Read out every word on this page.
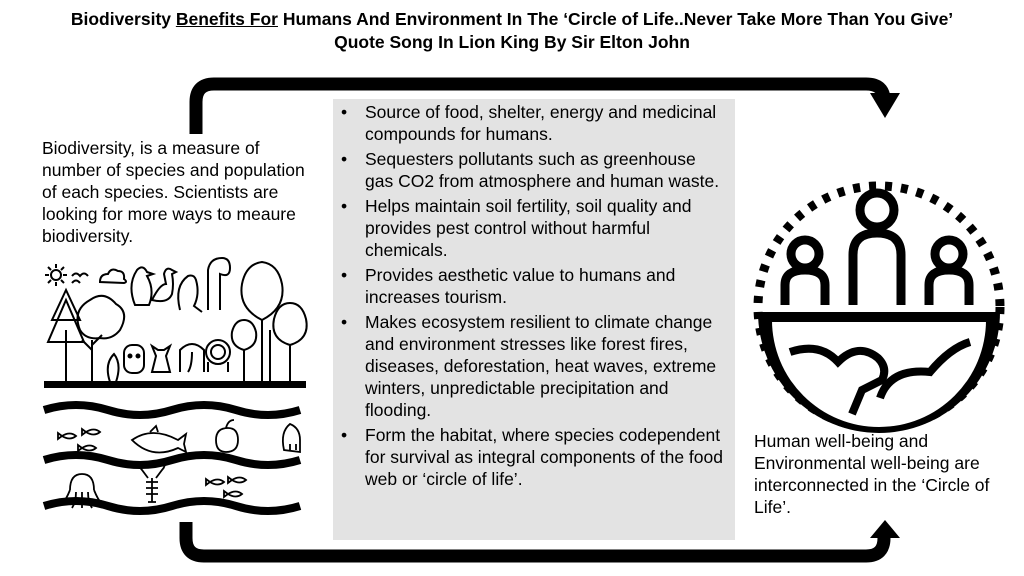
Biodiversity Benefits For Humans And Environment In The ‘Circle of Life..Never Take More Than You Give’
Quote Song In Lion King By Sir Elton John
Biodiversity, is a measure of number of species and population of each species. Scientists are looking for more ways to meaure biodiversity.
• Source of food, shelter, energy and medicinal compounds for humans.
• Sequesters pollutants such as greenhouse gas CO2 from atmosphere and human waste.
• Helps maintain soil fertility, soil quality and provides pest control without harmful chemicals.
• Provides aesthetic value to humans and increases tourism.
• Makes ecosystem resilient to climate change and environment stresses like forest fires, diseases, deforestation, heat waves, extreme winters, unpredictable precipitation and flooding.
• Form the habitat, where species codependent for survival as integral components of the food web or ‘circle of life’.
Human well-being and Environmental well-being are interconnected in the ‘Circle of Life’.
